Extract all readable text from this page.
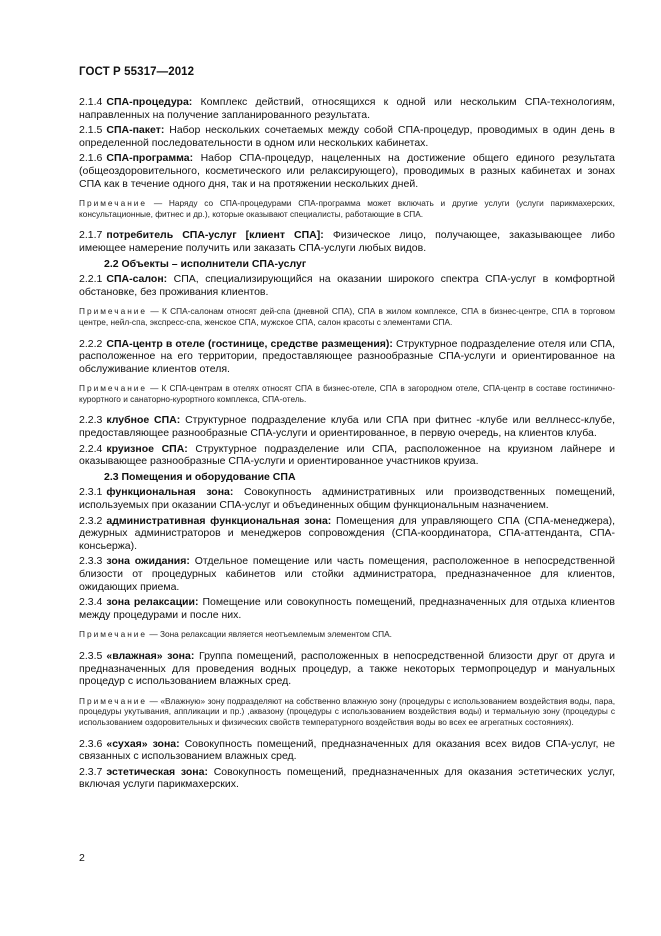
ГОСТ Р 55317—2012

2.1.4 СПА-процедура: Комплекс действий, относящихся к одной или нескольким СПА-технологиям, направленных на получение запланированного результата.

2.1.5 СПА-пакет: Набор нескольких сочетаемых между собой СПА-процедур, проводимых в один день в определенной последовательности в одном или нескольких кабинетах.

2.1.6 СПА-программа: Набор СПА-процедур, нацеленных на достижение общего единого результата (общеоздоровительного, косметического или релаксирующего), проводимых в разных кабинетах и зонах СПА как в течение одного дня, так и на протяжении нескольких дней.

Примечание — Наряду со СПА-процедурами СПА-программа может включать и другие услуги (услуги парикмахерских, консультационные, фитнес и др.), которые оказывают специалисты, работающие в СПА.

2.1.7 потребитель СПА-услуг [клиент СПА]: Физическое лицо, получающее, заказывающее либо имеющее намерение получить или заказать СПА-услуги любых видов.

2.2 Объекты – исполнители СПА-услуг

2.2.1 СПА-салон: СПА, специализирующийся на оказании широкого спектра СПА-услуг в комфортной обстановке, без проживания клиентов.

Примечание — К СПА-салонам относят дей-спа (дневной СПА), СПА в жилом комплексе, СПА в бизнес-центре, СПА в торговом центре, нейл-спа, экспресс-спа, женское СПА, мужское СПА, салон красоты с элементами СПА.

2.2.2 СПА-центр в отеле (гостинице, средстве размещения): Структурное подразделение отеля или СПА, расположенное на его территории, предоставляющее разнообразные СПА-услуги и ориентированное на обслуживание клиентов отеля.

Примечание — К СПА-центрам в отелях относят СПА в бизнес-отеле, СПА в загородном отеле, СПА-центр в составе гостинично-курортного и санаторно-курортного комплекса, СПА-отель.

2.2.3 клубное СПА: Структурное подразделение клуба или СПА при фитнес -клубе или веллнесс-клубе, предоставляющее разнообразные СПА-услуги и ориентированное, в первую очередь, на клиентов клуба.

2.2.4 круизное СПА: Структурное подразделение или СПА, расположенное на круизном лайнере и оказывающее разнообразные СПА-услуги и ориентированное участников круиза.

2.3 Помещения и оборудование СПА

2.3.1 функциональная зона: Совокупность административных или производственных помещений, используемых при оказании СПА-услуг и объединенных общим функциональным назначением.

2.3.2 административная функциональная зона: Помещения для управляющего СПА (СПА-менеджера), дежурных администраторов и менеджеров сопровождения (СПА-координатора, СПА-аттендантa, СПА-консьержа).

2.3.3 зона ожидания: Отдельное помещение или часть помещения, расположенное в непосредственной близости от процедурных кабинетов или стойки администратора, предназначенное для клиентов, ожидающих приема.

2.3.4 зона релаксации: Помещение или совокупность помещений, предназначенных для отдыха клиентов между процедурами и после них.

Примечание — Зона релаксации является неотъемлемым элементом СПА.

2.3.5 «влажная» зона: Группа помещений, расположенных в непосредственной близости друг от друга и предназначенных для проведения водных процедур, а также некоторых термопроцедур и мануальных процедур с использованием влажных сред.

Примечание — «Влажную» зону подразделяют на собственно влажную зону (процедуры с использованием воздействия воды, пара, процедуры укутывания, аппликации и пр.) ,аквазону (процедуры с использованием воздействия воды) и термальную зону (процедуры с использованием оздоровительных и физических свойств температурного воздействия воды во всех ее агрегатных состояниях).

2.3.6 «сухая» зона: Совокупность помещений, предназначенных для оказания всех видов СПА-услуг, не связанных с использованием влажных сред.

2.3.7 эстетическая зона: Совокупность помещений, предназначенных для оказания эстетических услуг, включая услуги парикмахерских.

2
